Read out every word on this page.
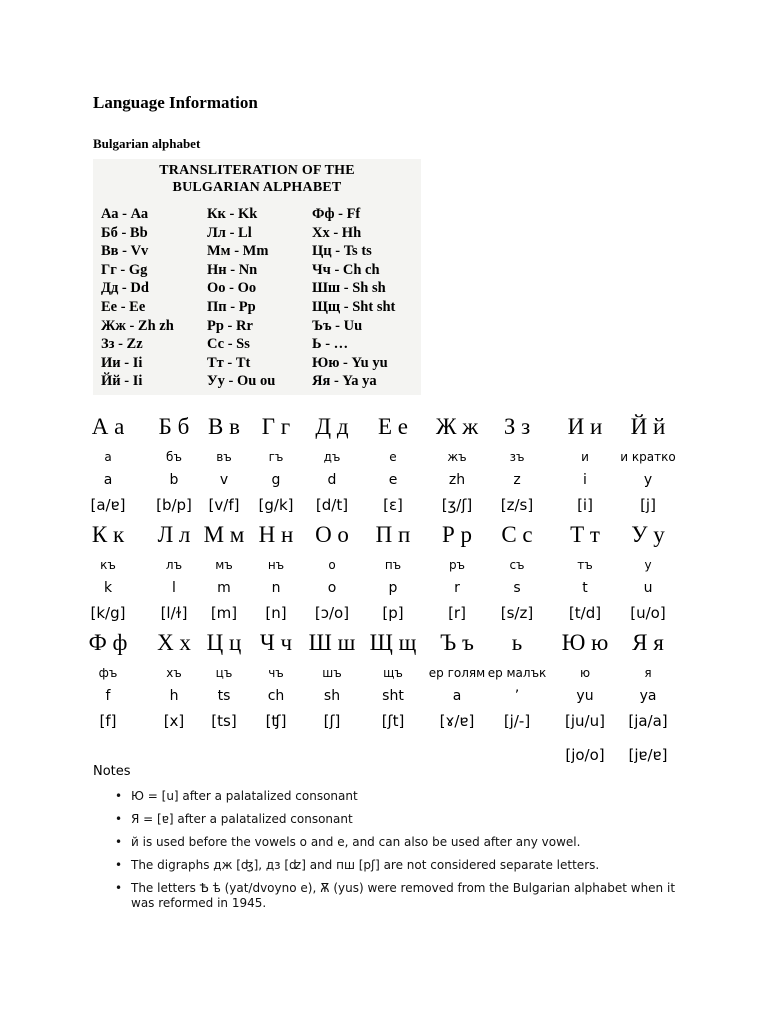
Language Information
Bulgarian alphabet
TRANSLITERATION OF THE
BULGARIAN ALPHABET
Аа - Аа
Бб - Bb
Вв - Vv
Гг - Gg
Дд - Dd
Ее - Ее
Жж - Zh zh
Зз - Zz
Ии - Ii
Йй - Ii
Кк - Kk
Лл - Ll
Мм - Mm
Нн - Nn
Оо - Оо
Пп - Pp
Рр - Rr
Сс - Ss
Тт - Tt
Уу - Ou ou
Фф - Ff
Хх - Hh
Цц - Ts ts
Чч - Ch ch
Шш - Sh sh
Щщ - Sht sht
Ъъ - Uu
Ь - …
Юю - Yu yu
Яя - Ya ya
А а
а
a
[a/ɐ]
Б б
бъ
b
[b/p]
В в
въ
v
[v/f]
Г г
гъ
g
[g/k]
Д д
дъ
d
[d/t]
Е е
е
e
[ɛ]
Ж ж
жъ
zh
[ʒ/ʃ]
З з
зъ
z
[z/s]
И и
и
i
[i]
Й й
и кратко
y
[j]
К к
къ
k
[k/g]
Л л
лъ
l
[l/ɫ]
М м
мъ
m
[m]
Н н
нъ
n
[n]
О о
о
o
[ɔ/o]
П п
пъ
p
[p]
Р р
ръ
r
[r]
С с
съ
s
[s/z]
Т т
тъ
t
[t/d]
У у
у
u
[u/o]
Ф ф
фъ
f
[f]
Х х
хъ
h
[x]
Ц ц
цъ
ts
[ts]
Ч ч
чъ
ch
[ʧ]
Ш ш
шъ
sh
[ʃ]
Щ щ
щъ
sht
[ʃt]
Ъ ъ
ер голям
a
[ɤ/ɐ]
ь
ер малък
’
[j/-]
Ю ю
ю
yu
[ju/u]
[jo/o]
Я я
я
ya
[ja/a]
[jɐ/ɐ]
Notes
• Ю = [u] after a palatalized consonant
• Я = [ɐ] after a palatalized consonant
• й is used before the vowels o and e, and can also be used after any vowel.
• The digraphs дж [ʤ], дз [ʣ] and пш [pʃ] are not considered separate letters.
• The letters Ѣ ѣ (yat/dvoyno e), Ѫ (yus) were removed from the Bulgarian alphabet when it was reformed in 1945.
